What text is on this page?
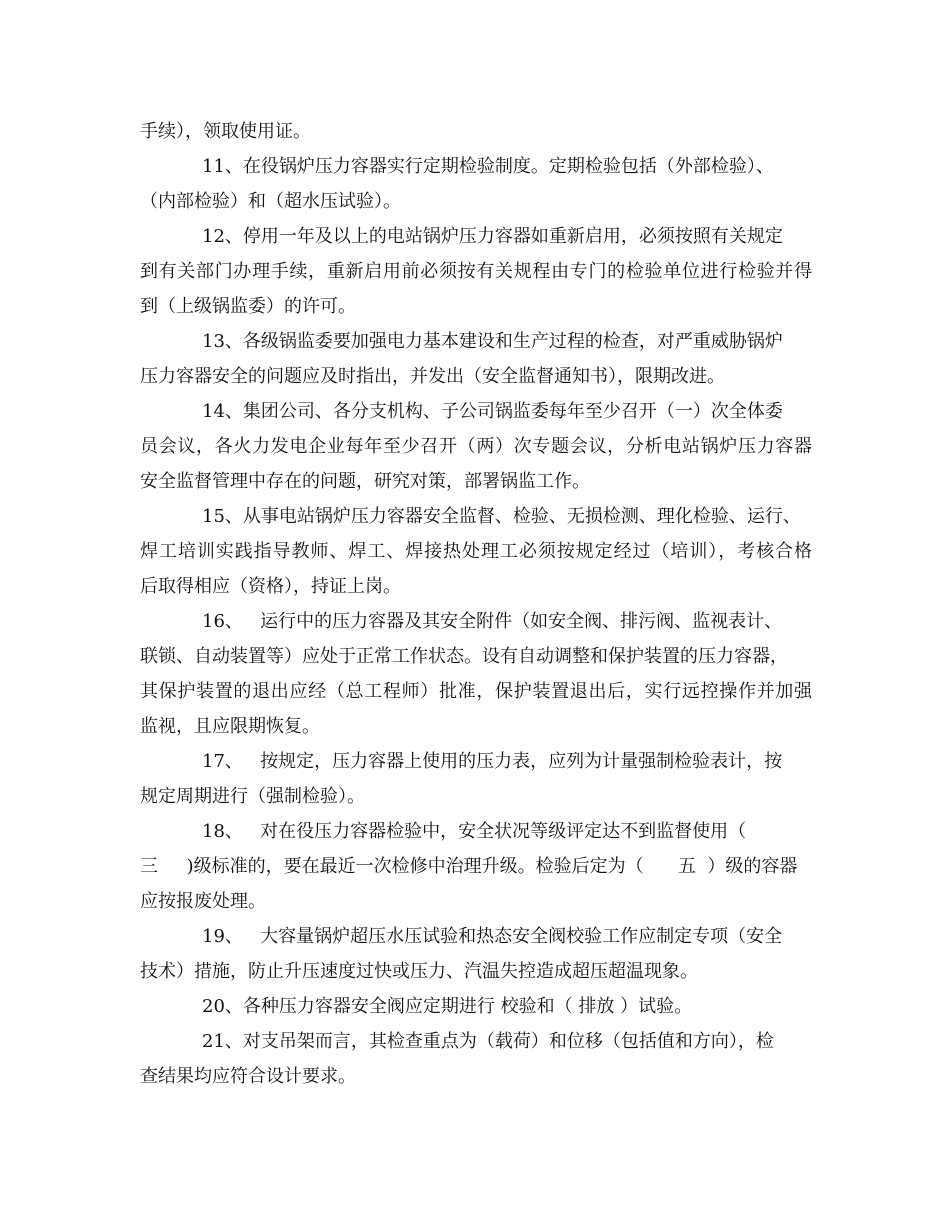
手续），领取使用证。
11、在役锅炉压力容器实行定期检验制度。定期检验包括（外部检验）、
（内部检验）和（超水压试验）。
12、停用一年及以上的电站锅炉压力容器如重新启用，必须按照有关规定
到有关部门办理手续，重新启用前必须按有关规程由专门的检验单位进行检验并得
到（上级锅监委）的许可。
13、各级锅监委要加强电力基本建设和生产过程的检查，对严重威胁锅炉
压力容器安全的问题应及时指出，并发出（安全监督通知书），限期改进。
14、集团公司、各分支机构、子公司锅监委每年至少召开（一）次全体委
员会议，各火力发电企业每年至少召开（两）次专题会议，分析电站锅炉压力容器
安全监督管理中存在的问题，研究对策，部署锅监工作。
15、从事电站锅炉压力容器安全监督、检验、无损检测、理化检验、运行、
焊工培训实践指导教师、焊工、焊接热处理工必须按规定经过（培训），考核合格
后取得相应（资格），持证上岗。
16、   运行中的压力容器及其安全附件（如安全阀、排污阀、监视表计、
联锁、自动装置等）应处于正常工作状态。设有自动调整和保护装置的压力容器，
其保护装置的退出应经（总工程师）批准，保护装置退出后，实行远控操作并加强
监视，且应限期恢复。
17、   按规定，压力容器上使用的压力表，应列为计量强制检验表计，按
规定周期进行（强制检验）。
18、   对在役压力容器检验中，安全状况等级评定达不到监督使用（
三     )级标准的，要在最近一次检修中治理升级。检验后定为（      五  ）级的容器
应按报废处理。
19、   大容量锅炉超压水压试验和热态安全阀校验工作应制定专项（安全
技术）措施，防止升压速度过快或压力、汽温失控造成超压超温现象。
20、各种压力容器安全阀应定期进行 校验和（ 排放 ）试验。
21、对支吊架而言，其检查重点为（载荷）和位移（包括值和方向），检
查结果均应符合设计要求。
